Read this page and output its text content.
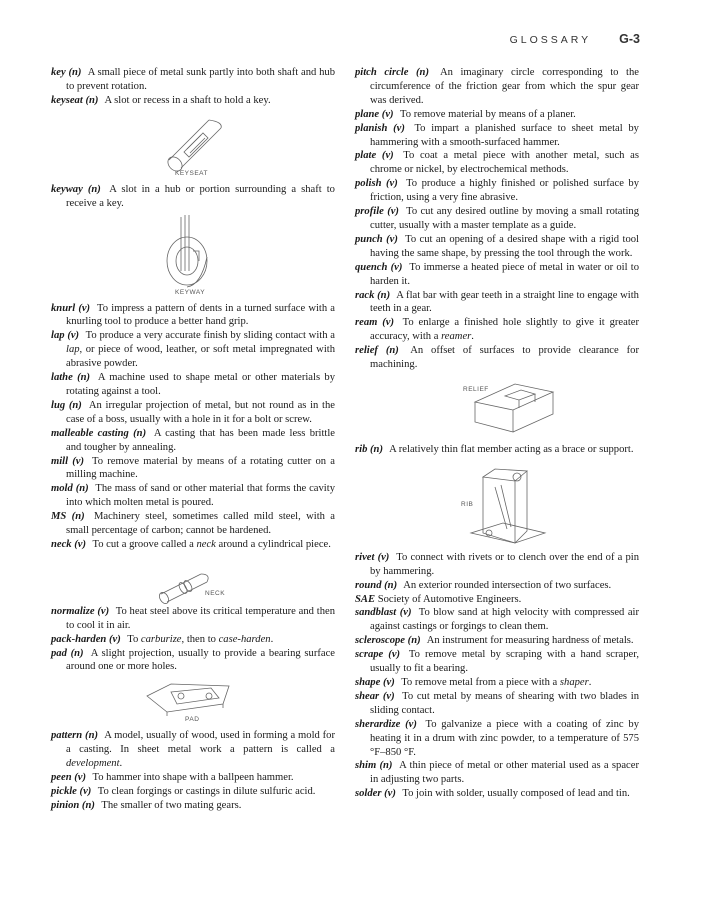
GLOSSARY G-3

key (n) A small piece of metal sunk partly into both shaft and hub to prevent rotation.

keyseat (n) A slot or recess in a shaft to hold a key.

KEYSEAT

keyway (n) A slot in a hub or portion surrounding a shaft to receive a key.

KEYWAY

knurl (v) To impress a pattern of dents in a turned surface with a knurling tool to produce a better hand grip.

lap (v) To produce a very accurate finish by sliding contact with a lap, or piece of wood, leather, or soft metal impregnated with abrasive powder.

lathe (n) A machine used to shape metal or other materials by rotating against a tool.

lug (n) An irregular projection of metal, but not round as in the case of a boss, usually with a hole in it for a bolt or screw.

malleable casting (n) A casting that has been made less brittle and tougher by annealing.

mill (v) To remove material by means of a rotating cutter on a milling machine.

mold (n) The mass of sand or other material that forms the cavity into which molten metal is poured.

MS (n) Machinery steel, sometimes called mild steel, with a small percentage of carbon; cannot be hardened.

neck (v) To cut a groove called a neck around a cylindrical piece.

NECK

normalize (v) To heat steel above its critical temperature and then to cool it in air.

pack-harden (v) To carburize, then to case-harden.

pad (n) A slight projection, usually to provide a bearing surface around one or more holes.

PAD

pattern (n) A model, usually of wood, used in forming a mold for a casting. In sheet metal work a pattern is called a development.

peen (v) To hammer into shape with a ballpeen hammer.

pickle (v) To clean forgings or castings in dilute sulfuric acid.

pinion (n) The smaller of two mating gears.

pitch circle (n) An imaginary circle corresponding to the circumference of the friction gear from which the spur gear was derived.

plane (v) To remove material by means of a planer.

planish (v) To impart a planished surface to sheet metal by hammering with a smooth-surfaced hammer.

plate (v) To coat a metal piece with another metal, such as chrome or nickel, by electrochemical methods.

polish (v) To produce a highly finished or polished surface by friction, using a very fine abrasive.

profile (v) To cut any desired outline by moving a small rotating cutter, usually with a master template as a guide.

punch (v) To cut an opening of a desired shape with a rigid tool having the same shape, by pressing the tool through the work.

quench (v) To immerse a heated piece of metal in water or oil to harden it.

rack (n) A flat bar with gear teeth in a straight line to engage with teeth in a gear.

ream (v) To enlarge a finished hole slightly to give it greater accuracy, with a reamer.

relief (n) An offset of surfaces to provide clearance for machining.

RELIEF

rib (n) A relatively thin flat member acting as a brace or support.

RIB

rivet (v) To connect with rivets or to clench over the end of a pin by hammering.

round (n) An exterior rounded intersection of two surfaces.

SAE Society of Automotive Engineers.

sandblast (v) To blow sand at high velocity with compressed air against castings or forgings to clean them.

scleroscope (n) An instrument for measuring hardness of metals.

scrape (v) To remove metal by scraping with a hand scraper, usually to fit a bearing.

shape (v) To remove metal from a piece with a shaper.

shear (v) To cut metal by means of shearing with two blades in sliding contact.

sherardize (v) To galvanize a piece with a coating of zinc by heating it in a drum with zinc powder, to a temperature of 575 °F–850 °F.

shim (n) A thin piece of metal or other material used as a spacer in adjusting two parts.

solder (v) To join with solder, usually composed of lead and tin.
